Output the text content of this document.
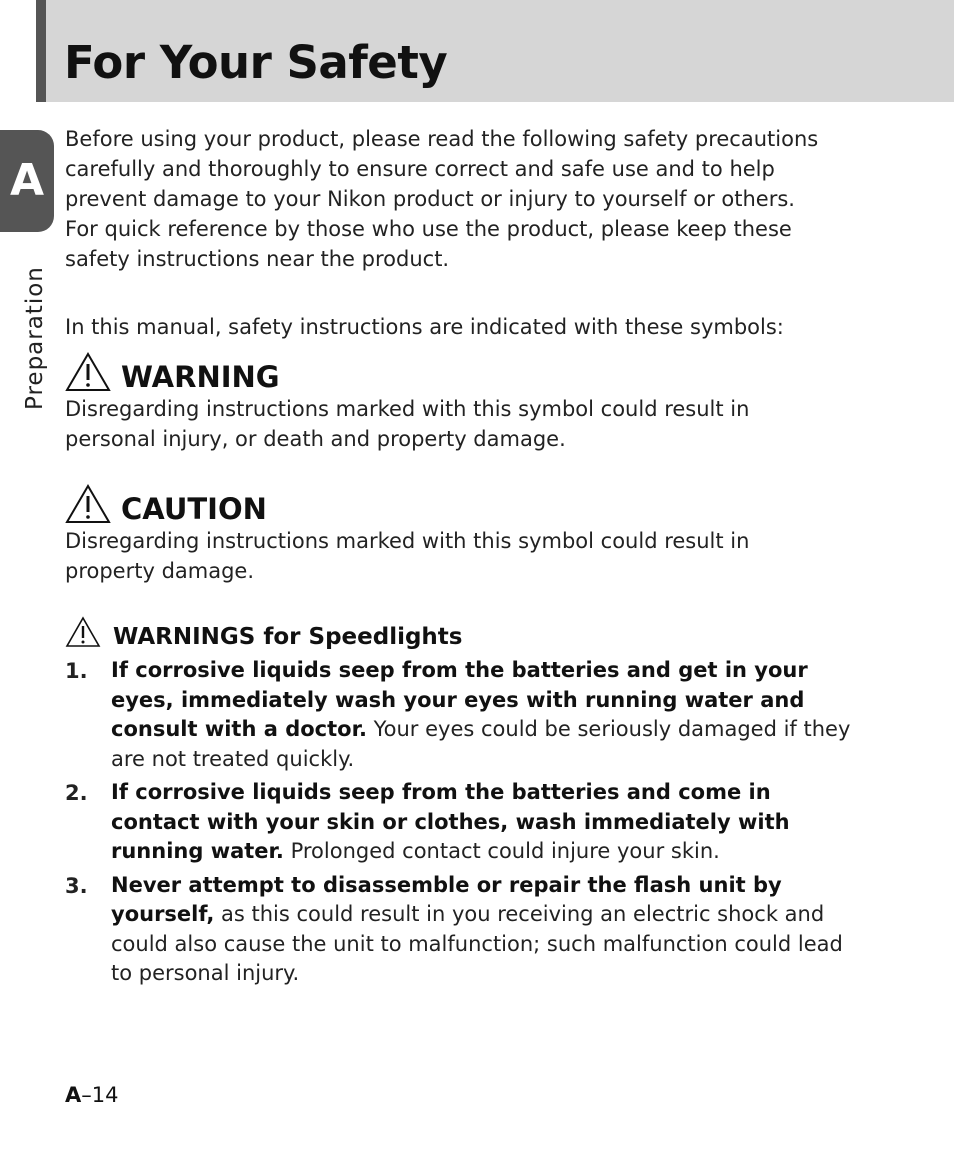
For Your Safety
A
Preparation

Before using your product, please read the following safety precautions

carefully and thoroughly to ensure correct and safe use and to help

prevent damage to your Nikon product or injury to yourself or others.

For quick reference by those who use the product, please keep these

safety instructions near the product.

In this manual, safety instructions are indicated with these symbols:

WARNING

Disregarding instructions marked with this symbol could result in

personal injury, or death and property damage.

CAUTION

Disregarding instructions marked with this symbol could result in

property damage.

WARNINGS for Speedlights
1.	If corrosive liquids seep from the batteries and get in your eyes, immediately wash your eyes with running water and consult with a doctor. Your eyes could be seriously damaged if they are not treated quickly.
2.	If corrosive liquids seep from the batteries and come in contact with your skin or clothes, wash immediately with running water. Prolonged contact could injure your skin.
3.	Never attempt to disassemble or repair the flash unit by yourself, as this could result in you receiving an electric shock and could also cause the unit to malfunction; such malfunction could lead to personal injury.
A–14
